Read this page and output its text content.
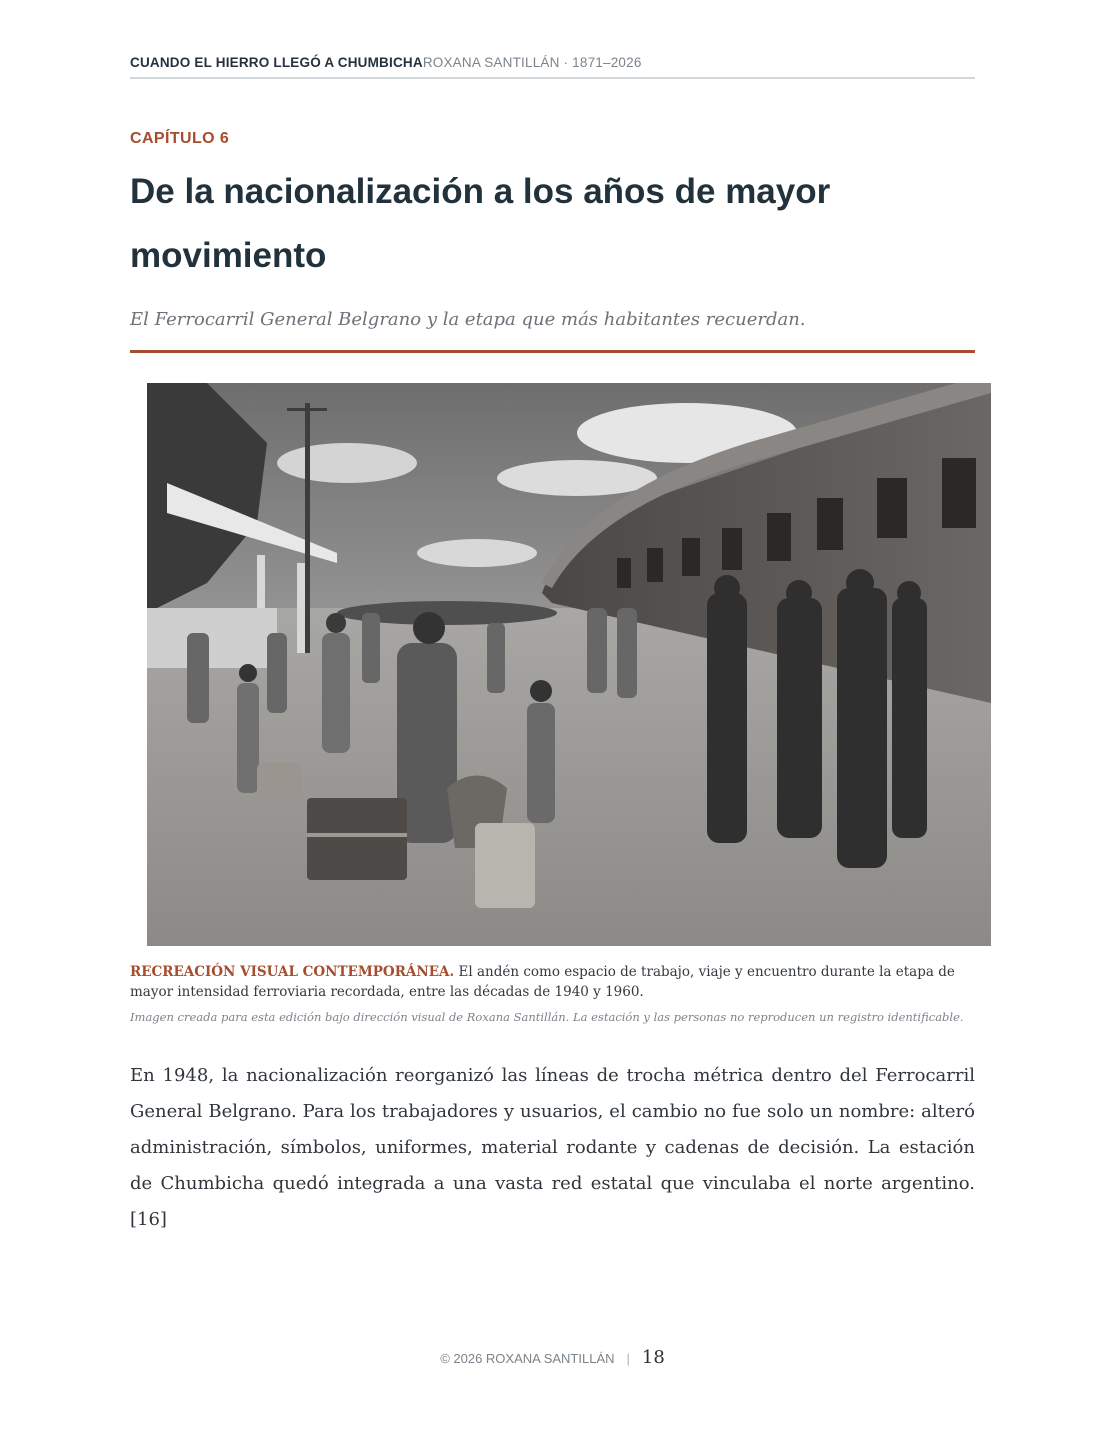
CUANDO EL HIERRO LLEGÓ A CHUMBICHAROXANA SANTILLÁN · 1871–2026
CAPÍTULO 6
De la nacionalización a los años de mayor movimiento
El Ferrocarril General Belgrano y la etapa que más habitantes recuerdan.
RECREACIÓN VISUAL CONTEMPORÁNEA. El andén como espacio de trabajo, viaje y encuentro durante la etapa de mayor intensidad ferroviaria recordada, entre las décadas de 1940 y 1960.
Imagen creada para esta edición bajo dirección visual de Roxana Santillán. La estación y las personas no reproducen un registro identificable.

En 1948, la nacionalización reorganizó las líneas de trocha métrica dentro del Ferrocarril General Belgrano. Para los trabajadores y usuarios, el cambio no fue solo un nombre: alteró administración, símbolos, uniformes, material rodante y cadenas de decisión. La estación de Chumbicha quedó integrada a una vasta red estatal que vinculaba el norte argentino. [16]

© 2026 ROXANA SANTILLÁN | 18
